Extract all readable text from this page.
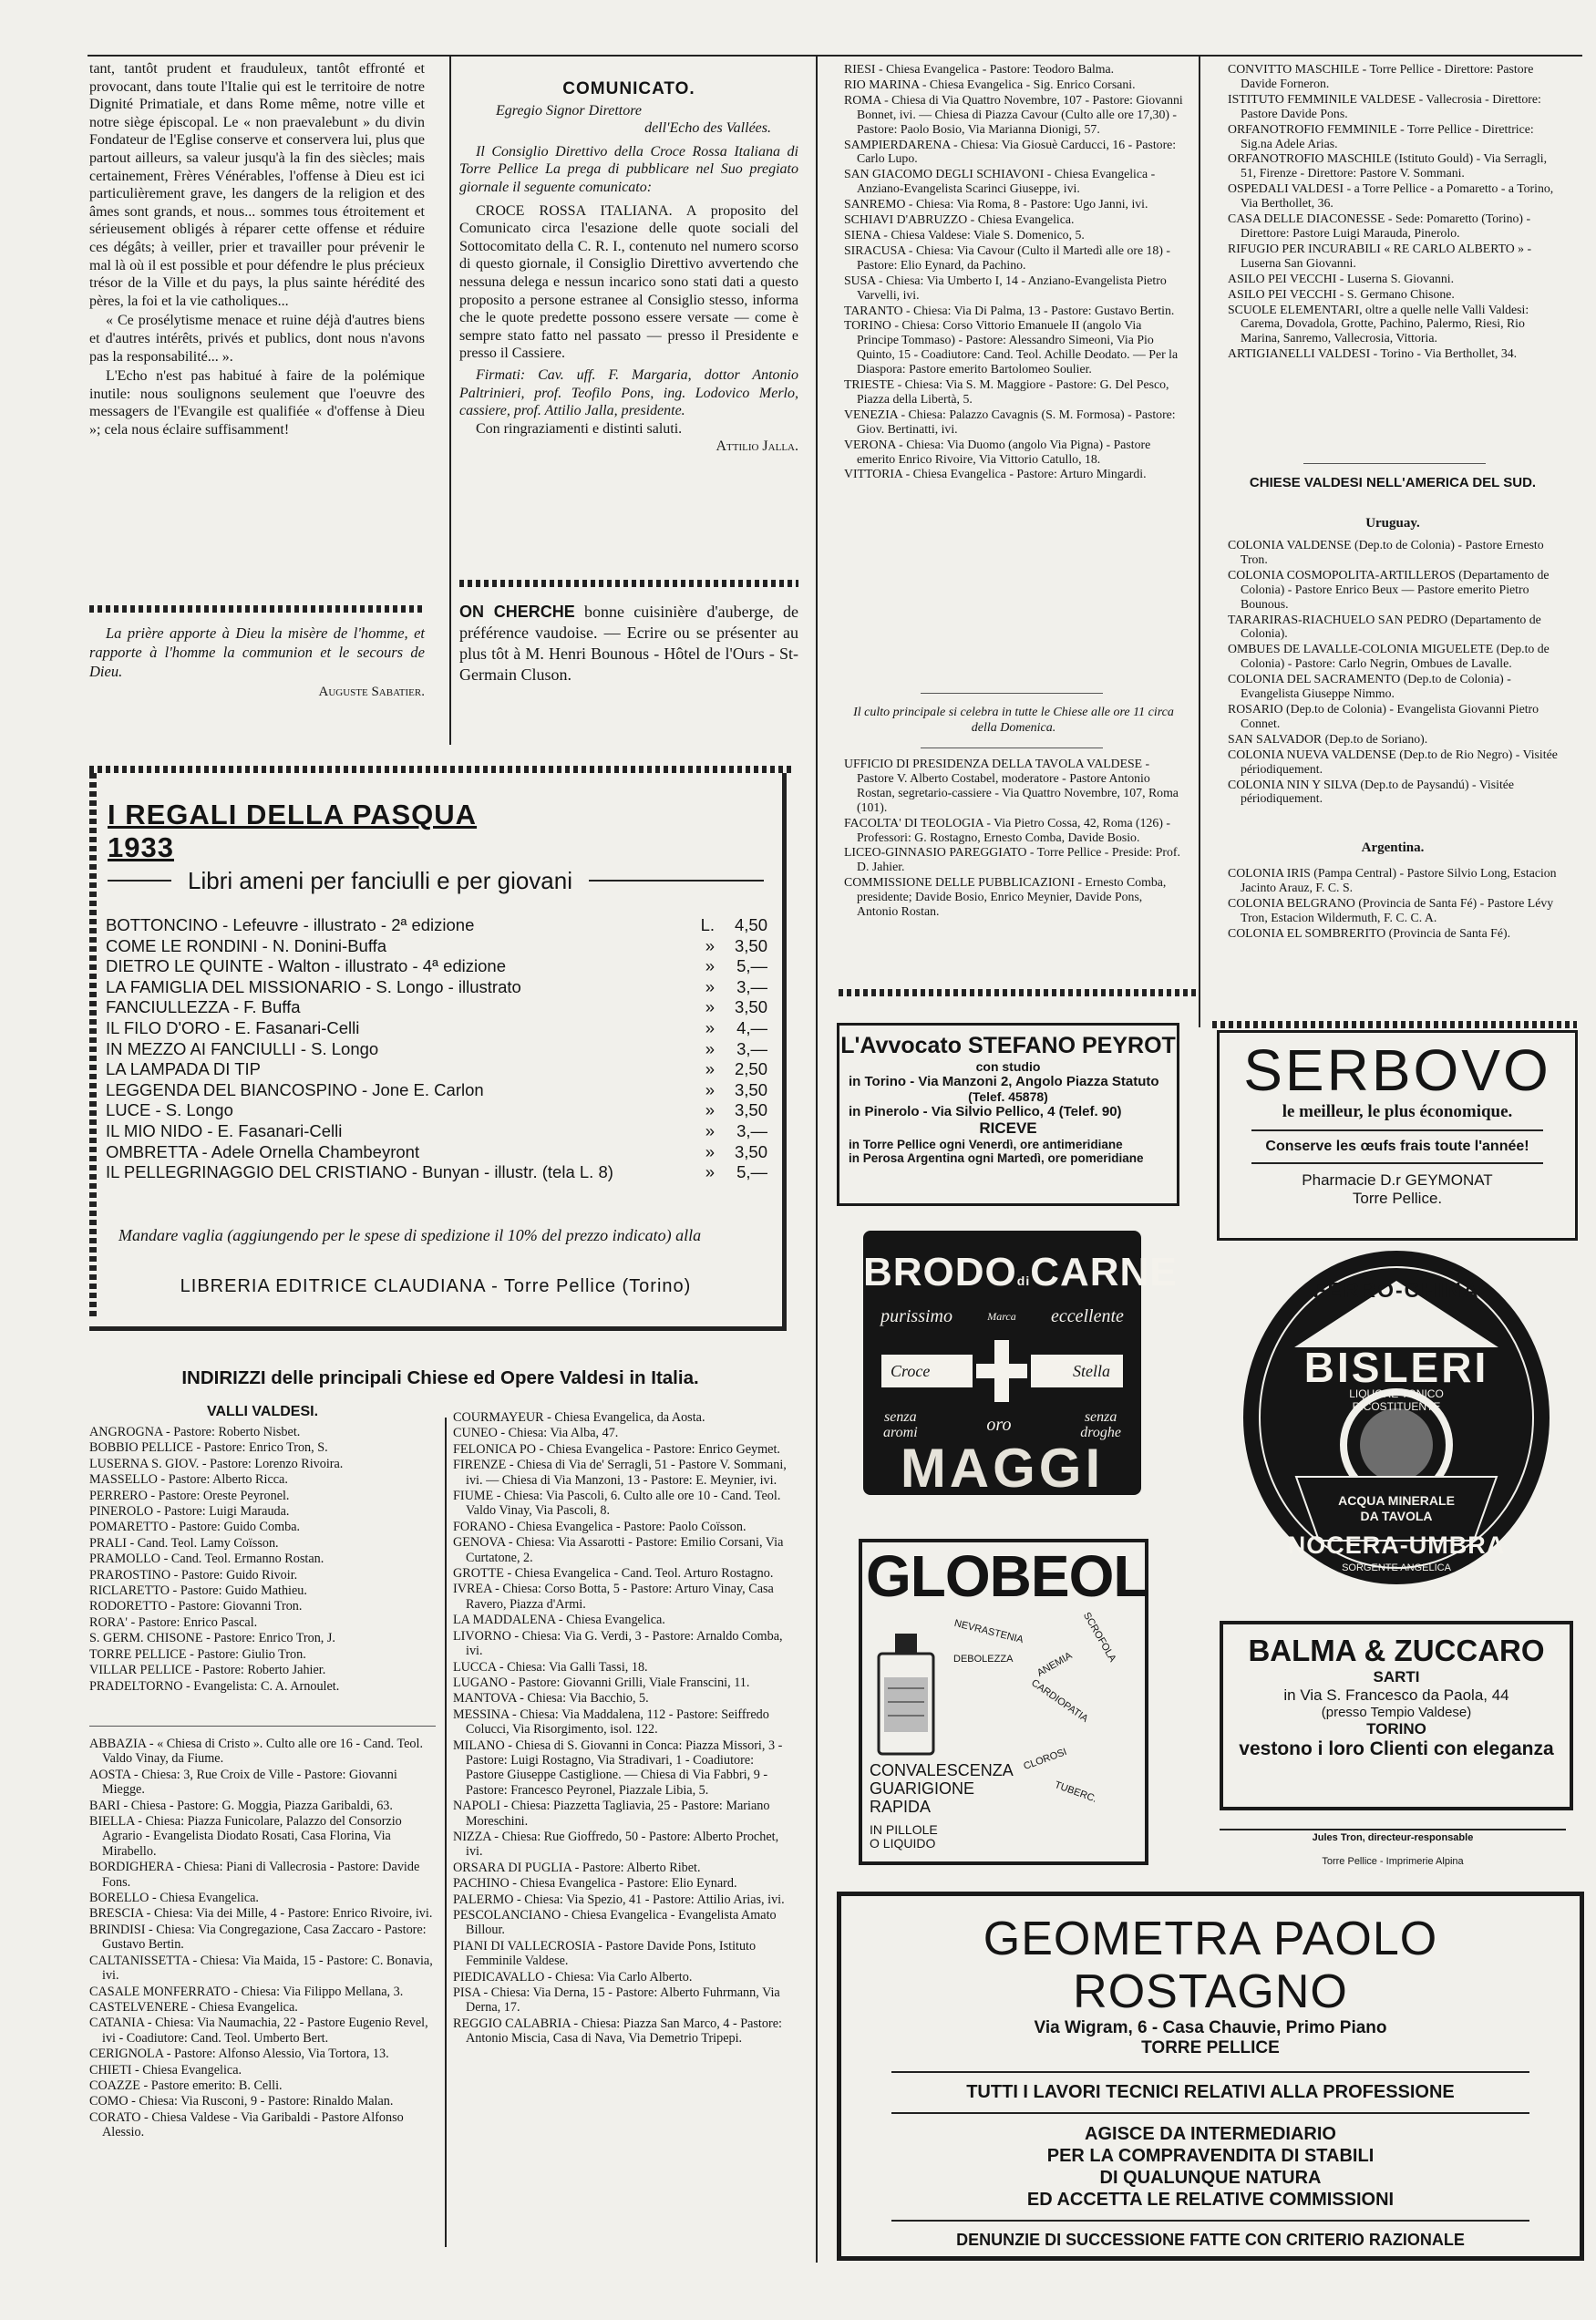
tant, tantôt prudent et frauduleux, tantôt effronté et provocant, dans toute l'Italie qui est le territoire de notre Dignité Primatiale, et dans Rome même, notre ville et notre siège épiscopal. Le « non praevalebunt » du divin Fondateur de l'Eglise conserve et conservera lui, plus que partout ailleurs, sa valeur jusqu'à la fin des siècles; mais certainement, Frères Vénérables, l'offense à Dieu est ici particulièrement grave, les dangers de la religion et des âmes sont grands, et nous... sommes tous étroitement et sérieusement obligés à réparer cette offense et réduire ces dégâts; à veiller, prier et travailler pour prévenir le mal là où il est possible et pour défendre le plus précieux trésor de la Ville et du pays, la plus sainte hérédité des pères, la foi et la vie catholiques...

« Ce prosélytisme menace et ruine déjà d'autres biens et d'autres intérêts, privés et publics, dont nous n'avons pas la responsabilité... ».

L'Echo n'est pas habitué à faire de la polémique inutile: nous soulignons seulement que l'oeuvre des messagers de l'Evangile est qualifiée « d'offense à Dieu »; cela nous éclaire suffisamment!

La prière apporte à Dieu la misère de l'homme, et rapporte à l'homme la communion et le secours de Dieu.
Auguste Sabatier.
COMUNICATO.
Egregio Signor Direttore
dell'Echo des Vallées.
Il Consiglio Direttivo della Croce Rossa Italiana di Torre Pellice La prega di pubblicare nel Suo pregiato giornale il seguente comunicato:
CROCE ROSSA ITALIANA. A proposito del Comunicato circa l'esazione delle quote sociali del Sottocomitato della C. R. I., contenuto nel numero scorso di questo giornale, il Consiglio Direttivo avvertendo che nessuna delega e nessun incarico sono stati dati a questo proposito a persone estranee al Consiglio stesso, informa che le quote predette possono essere versate — come è sempre stato fatto nel passato — presso il Presidente e presso il Cassiere.
Firmati: Cav. uff. F. Margaria, dottor Antonio Paltrinieri, prof. Teofilo Pons, ing. Lodovico Merlo, cassiere, prof. Attilio Jalla, presidente.
Con ringraziamenti e distinti saluti.
Attilio Jalla.
ON CHERCHE bonne cuisinière d'auberge, de préférence vaudoise. — Ecrire ou se présenter au plus tôt à M. Henri Bounous - Hôtel de l'Ours - St-Germain Cluson.
I REGALI DELLA PASQUA 1933
Libri ameni per fanciulli e per giovani
BOTTONCINO - Lefeuvre - illustrato - 2ª edizione	L.	4,50
COME LE RONDINI - N. Donini-Buffa	»	3,50
DIETRO LE QUINTE - Walton - illustrato - 4ª edizione	»	5,—
LA FAMIGLIA DEL MISSIONARIO - S. Longo - illustrato	»	3,—
FANCIULLEZZA - F. Buffa	»	3,50
IL FILO D'ORO - E. Fasanari-Celli	»	4,—
IN MEZZO AI FANCIULLI - S. Longo	»	3,—
LA LAMPADA DI TIP	»	2,50
LEGGENDA DEL BIANCOSPINO - Jone E. Carlon	»	3,50
LUCE - S. Longo	»	3,50
IL MIO NIDO - E. Fasanari-Celli	»	3,—
OMBRETTA - Adele Ornella Chambeyront	»	3,50
IL PELLEGRINAGGIO DEL CRISTIANO - Bunyan - illustr. (tela L. 8)	»	5,—
Mandare vaglia (aggiungendo per le spese di spedizione il 10% del prezzo indicato) alla
LIBRERIA EDITRICE CLAUDIANA - Torre Pellice (Torino)
INDIRIZZI delle principali Chiese ed Opere Valdesi in Italia.
VALLI VALDESI.
ANGROGNA - Pastore: Roberto Nisbet.
BOBBIO PELLICE - Pastore: Enrico Tron, S.
LUSERNA S. GIOV. - Pastore: Lorenzo Rivoira.
MASSELLO - Pastore: Alberto Ricca.
PERRERO - Pastore: Oreste Peyronel.
PINEROLO - Pastore: Luigi Marauda.
POMARETTO - Pastore: Guido Comba.
PRALI - Cand. Teol. Lamy Coïsson.
PRAMOLLO - Cand. Teol. Ermanno Rostan.
PRAROSTINO - Pastore: Guido Rivoir.
RICLARETTO - Pastore: Guido Mathieu.
RODORETTO - Pastore: Giovanni Tron.
RORA' - Pastore: Enrico Pascal.
S. GERM. CHISONE - Pastore: Enrico Tron, J.
TORRE PELLICE - Pastore: Giulio Tron.
VILLAR PELLICE - Pastore: Roberto Jahier.
PRADELTORNO - Evangelista: C. A. Arnoulet.
ABBAZIA - « Chiesa di Cristo ». Culto alle ore 16 - Cand. Teol. Valdo Vinay, da Fiume.
AOSTA - Chiesa: 3, Rue Croix de Ville - Pastore: Giovanni Miegge.
BARI - Chiesa - Pastore: G. Moggia, Piazza Garibaldi, 63.
BIELLA - Chiesa: Piazza Funicolare, Palazzo del Consorzio Agrario - Evangelista Diodato Rosati, Casa Florina, Via Mirabello.
BORDIGHERA - Chiesa: Piani di Vallecrosia - Pastore: Davide Fons.
BORELLO - Chiesa Evangelica.
BRESCIA - Chiesa: Via dei Mille, 4 - Pastore: Enrico Rivoire, ivi.
BRINDISI - Chiesa: Via Congregazione, Casa Zaccaro - Pastore: Gustavo Bertin.
CALTANISSETTA - Chiesa: Via Maida, 15 - Pastore: C. Bonavia, ivi.
CASALE MONFERRATO - Chiesa: Via Filippo Mellana, 3.
CASTELVENERE - Chiesa Evangelica.
CATANIA - Chiesa: Via Naumachia, 22 - Pastore Eugenio Revel, ivi - Coadiutore: Cand. Teol. Umberto Bert.
CERIGNOLA - Pastore: Alfonso Alessio, Via Tortora, 13.
CHIETI - Chiesa Evangelica.
COAZZE - Pastore emerito: B. Celli.
COMO - Chiesa: Via Rusconi, 9 - Pastore: Rinaldo Malan.
CORATO - Chiesa Valdese - Via Garibaldi - Pastore Alfonso Alessio.
COURMAYEUR - Chiesa Evangelica, da Aosta.
CUNEO - Chiesa: Via Alba, 47.
FELONICA PO - Chiesa Evangelica - Pastore: Enrico Geymet.
FIRENZE - Chiesa di Via de' Serragli, 51 - Pastore V. Sommani, ivi. — Chiesa di Via Manzoni, 13 - Pastore: E. Meynier, ivi.
FIUME - Chiesa: Via Pascoli, 6. Culto alle ore 10 - Cand. Teol. Valdo Vinay, Via Pascoli, 8.
FORANO - Chiesa Evangelica - Pastore: Paolo Coïsson.
GENOVA - Chiesa: Via Assarotti - Pastore: Emilio Corsani, Via Curtatone, 2.
GROTTE - Chiesa Evangelica - Cand. Teol. Arturo Rostagno.
IVREA - Chiesa: Corso Botta, 5 - Pastore: Arturo Vinay, Casa Ravero, Piazza d'Armi.
LA MADDALENA - Chiesa Evangelica.
LIVORNO - Chiesa: Via G. Verdi, 3 - Pastore: Arnaldo Comba, ivi.
LUCCA - Chiesa: Via Galli Tassi, 18.
LUGANO - Pastore: Giovanni Grilli, Viale Franscini, 11.
MANTOVA - Chiesa: Via Bacchio, 5.
MESSINA - Chiesa: Via Maddalena, 112 - Pastore: Seiffredo Colucci, Via Risorgimento, isol. 122.
MILANO - Chiesa di S. Giovanni in Conca: Piazza Missori, 3 - Pastore: Luigi Rostagno, Via Stradivari, 1 - Coadiutore: Pastore Giuseppe Castiglione. — Chiesa di Via Fabbri, 9 - Pastore: Francesco Peyronel, Piazzale Libia, 5.
NAPOLI - Chiesa: Piazzetta Tagliavia, 25 - Pastore: Mariano Moreschini.
NIZZA - Chiesa: Rue Gioffredo, 50 - Pastore: Alberto Prochet, ivi.
ORSARA DI PUGLIA - Pastore: Alberto Ribet.
PACHINO - Chiesa Evangelica - Pastore: Elio Eynard.
PALERMO - Chiesa: Via Spezio, 41 - Pastore: Attilio Arias, ivi.
PESCOLANCIANO - Chiesa Evangelica - Evangelista Amato Billour.
PIANI DI VALLECROSIA - Pastore Davide Pons, Istituto Femminile Valdese.
PIEDICAVALLO - Chiesa: Via Carlo Alberto.
PISA - Chiesa: Via Derna, 15 - Pastore: Alberto Fuhrmann, Via Derna, 17.
REGGIO CALABRIA - Chiesa: Piazza San Marco, 4 - Pastore: Antonio Miscia, Casa di Nava, Via Demetrio Tripepi.
RIESI - Chiesa Evangelica - Pastore: Teodoro Balma.
RIO MARINA - Chiesa Evangelica - Sig. Enrico Corsani.
ROMA - Chiesa di Via Quattro Novembre, 107 - Pastore: Giovanni Bonnet, ivi. — Chiesa di Piazza Cavour (Culto alle ore 17,30) - Pastore: Paolo Bosio, Via Marianna Dionigi, 57.
SAMPIERDARENA - Chiesa: Via Giosuè Carducci, 16 - Pastore: Carlo Lupo.
SAN GIACOMO DEGLI SCHIAVONI - Chiesa Evangelica - Anziano-Evangelista Scarinci Giuseppe, ivi.
SANREMO - Chiesa: Via Roma, 8 - Pastore: Ugo Janni, ivi.
SCHIAVI D'ABRUZZO - Chiesa Evangelica.
SIENA - Chiesa Valdese: Viale S. Domenico, 5.
SIRACUSA - Chiesa: Via Cavour (Culto il Martedì alle ore 18) - Pastore: Elio Eynard, da Pachino.
SUSA - Chiesa: Via Umberto I, 14 - Anziano-Evangelista Pietro Varvelli, ivi.
TARANTO - Chiesa: Via Di Palma, 13 - Pastore: Gustavo Bertin.
TORINO - Chiesa: Corso Vittorio Emanuele II (angolo Via Principe Tommaso) - Pastore: Alessandro Simeoni, Via Pio Quinto, 15 - Coadiutore: Cand. Teol. Achille Deodato. — Per la Diaspora: Pastore emerito Bartolomeo Soulier.
TRIESTE - Chiesa: Via S. M. Maggiore - Pastore: G. Del Pesco, Piazza della Libertà, 5.
VENEZIA - Chiesa: Palazzo Cavagnis (S. M. Formosa) - Pastore: Giov. Bertinatti, ivi.
VERONA - Chiesa: Via Duomo (angolo Via Pigna) - Pastore emerito Enrico Rivoire, Via Vittorio Catullo, 18.
VITTORIA - Chiesa Evangelica - Pastore: Arturo Mingardi.
Il culto principale si celebra in tutte le Chiese alle ore 11 circa della Domenica.
UFFICIO DI PRESIDENZA DELLA TAVOLA VALDESE - Pastore V. Alberto Costabel, moderatore - Pastore Antonio Rostan, segretario-cassiere - Via Quattro Novembre, 107, Roma (101).
FACOLTA' DI TEOLOGIA - Via Pietro Cossa, 42, Roma (126) - Professori: G. Rostagno, Ernesto Comba, Davide Bosio.
LICEO-GINNASIO PAREGGIATO - Torre Pellice - Preside: Prof. D. Jahier.
COMMISSIONE DELLE PUBBLICAZIONI - Ernesto Comba, presidente; Davide Bosio, Enrico Meynier, Davide Pons, Antonio Rostan.
CONVITTO MASCHILE - Torre Pellice - Direttore: Pastore Davide Forneron.
ISTITUTO FEMMINILE VALDESE - Vallecrosia - Direttore: Pastore Davide Pons.
ORFANOTROFIO FEMMINILE - Torre Pellice - Direttrice: Sig.na Adele Arias.
ORFANOTROFIO MASCHILE (Istituto Gould) - Via Serragli, 51, Firenze - Direttore: Pastore V. Sommani.
OSPEDALI VALDESI - a Torre Pellice - a Pomaretto - a Torino, Via Berthollet, 36.
CASA DELLE DIACONESSE - Sede: Pomaretto (Torino) - Direttore: Pastore Luigi Marauda, Pinerolo.
RIFUGIO PER INCURABILI « RE CARLO ALBERTO » - Luserna San Giovanni.
ASILO PEI VECCHI - Luserna S. Giovanni.
ASILO PEI VECCHI - S. Germano Chisone.
SCUOLE ELEMENTARI, oltre a quelle nelle Valli Valdesi: Carema, Dovadola, Grotte, Pachino, Palermo, Riesi, Rio Marina, Sanremo, Vallecrosia, Vittoria.
ARTIGIANELLI VALDESI - Torino - Via Berthollet, 34.
CHIESE VALDESI NELL'AMERICA DEL SUD.
Uruguay.
COLONIA VALDENSE (Dep.to de Colonia) - Pastore Ernesto Tron.
COLONIA COSMOPOLITA-ARTILLEROS (Departamento de Colonia) - Pastore Enrico Beux — Pastore emerito Pietro Bounous.
TARARIRAS-RIACHUELO SAN PEDRO (Departamento de Colonia).
OMBUES DE LAVALLE-COLONIA MIGUELETE (Dep.to de Colonia) - Pastore: Carlo Negrin, Ombues de Lavalle.
COLONIA DEL SACRAMENTO (Dep.to de Colonia) - Evangelista Giuseppe Nimmo.
ROSARIO (Dep.to de Colonia) - Evangelista Giovanni Pietro Connet.
SAN SALVADOR (Dep.to de Soriano).
COLONIA NUEVA VALDENSE (Dep.to de Rio Negro) - Visitée périodiquement.
COLONIA NIN Y SILVA (Dep.to de Paysandú) - Visitée périodiquement.
Argentina.
COLONIA IRIS (Pampa Central) - Pastore Silvio Long, Estacion Jacinto Arauz, F. C. S.
COLONIA BELGRANO (Provincia de Santa Fé) - Pastore Lévy Tron, Estacion Wildermuth, F. C. C. A.
COLONIA EL SOMBRERITO (Provincia de Santa Fé).
L'Avvocato STEFANO PEYROT
con studio
in Torino - Via Manzoni 2, Angolo Piazza Statuto
(Telef. 45878)
in Pinerolo - Via Silvio Pellico, 4 (Telef. 90)
RICEVE
in Torre Pellice ogni Venerdì, ore antimeridiane
in Perosa Argentina ogni Martedì, ore pomeridiane
SERBOVO
le meilleur, le plus économique.
Conserve les œufs frais toute l'année!
Pharmacie D.r GEYMONAT
Torre Pellice.
BRODOdiCARNE
purissimo	Marca eccellente
Croce	Stella
senza
aromi	oro	senza
droghe
MAGGI
FERRO-CHINA
BISLERI
LIQUORE TONICO
RICOSTITUENTE
ACQUA MINERALE
DA TAVOLA
NOCERA-UMBRA
SORGENTE ANGELICA
GLOBEOL
NEVRASTENIA
DEBOLEZZA
CARDIOPATIA
SCROFOLA
ANEMIA
CLOROSI
TUBERC.
CONVALESCENZA
GUARIGIONE
RAPIDA
IN PILLOLE
O LIQUIDO
BALMA & ZUCCARO
SARTI
in Via S. Francesco da Paola, 44
(presso Tempio Valdese)
TORINO
vestono i loro Clienti con eleganza
Jules Tron, directeur-responsable
Torre Pellice - Imprimerie Alpina
GEOMETRA PAOLO ROSTAGNO
Via Wigram, 6 - Casa Chauvie, Primo Piano
TORRE PELLICE
TUTTI I LAVORI TECNICI RELATIVI ALLA PROFESSIONE
AGISCE DA INTERMEDIARIO
PER LA COMPRAVENDITA DI STABILI
DI QUALUNQUE NATURA
ED ACCETTA LE RELATIVE COMMISSIONI
DENUNZIE DI SUCCESSIONE FATTE CON CRITERIO RAZIONALE
